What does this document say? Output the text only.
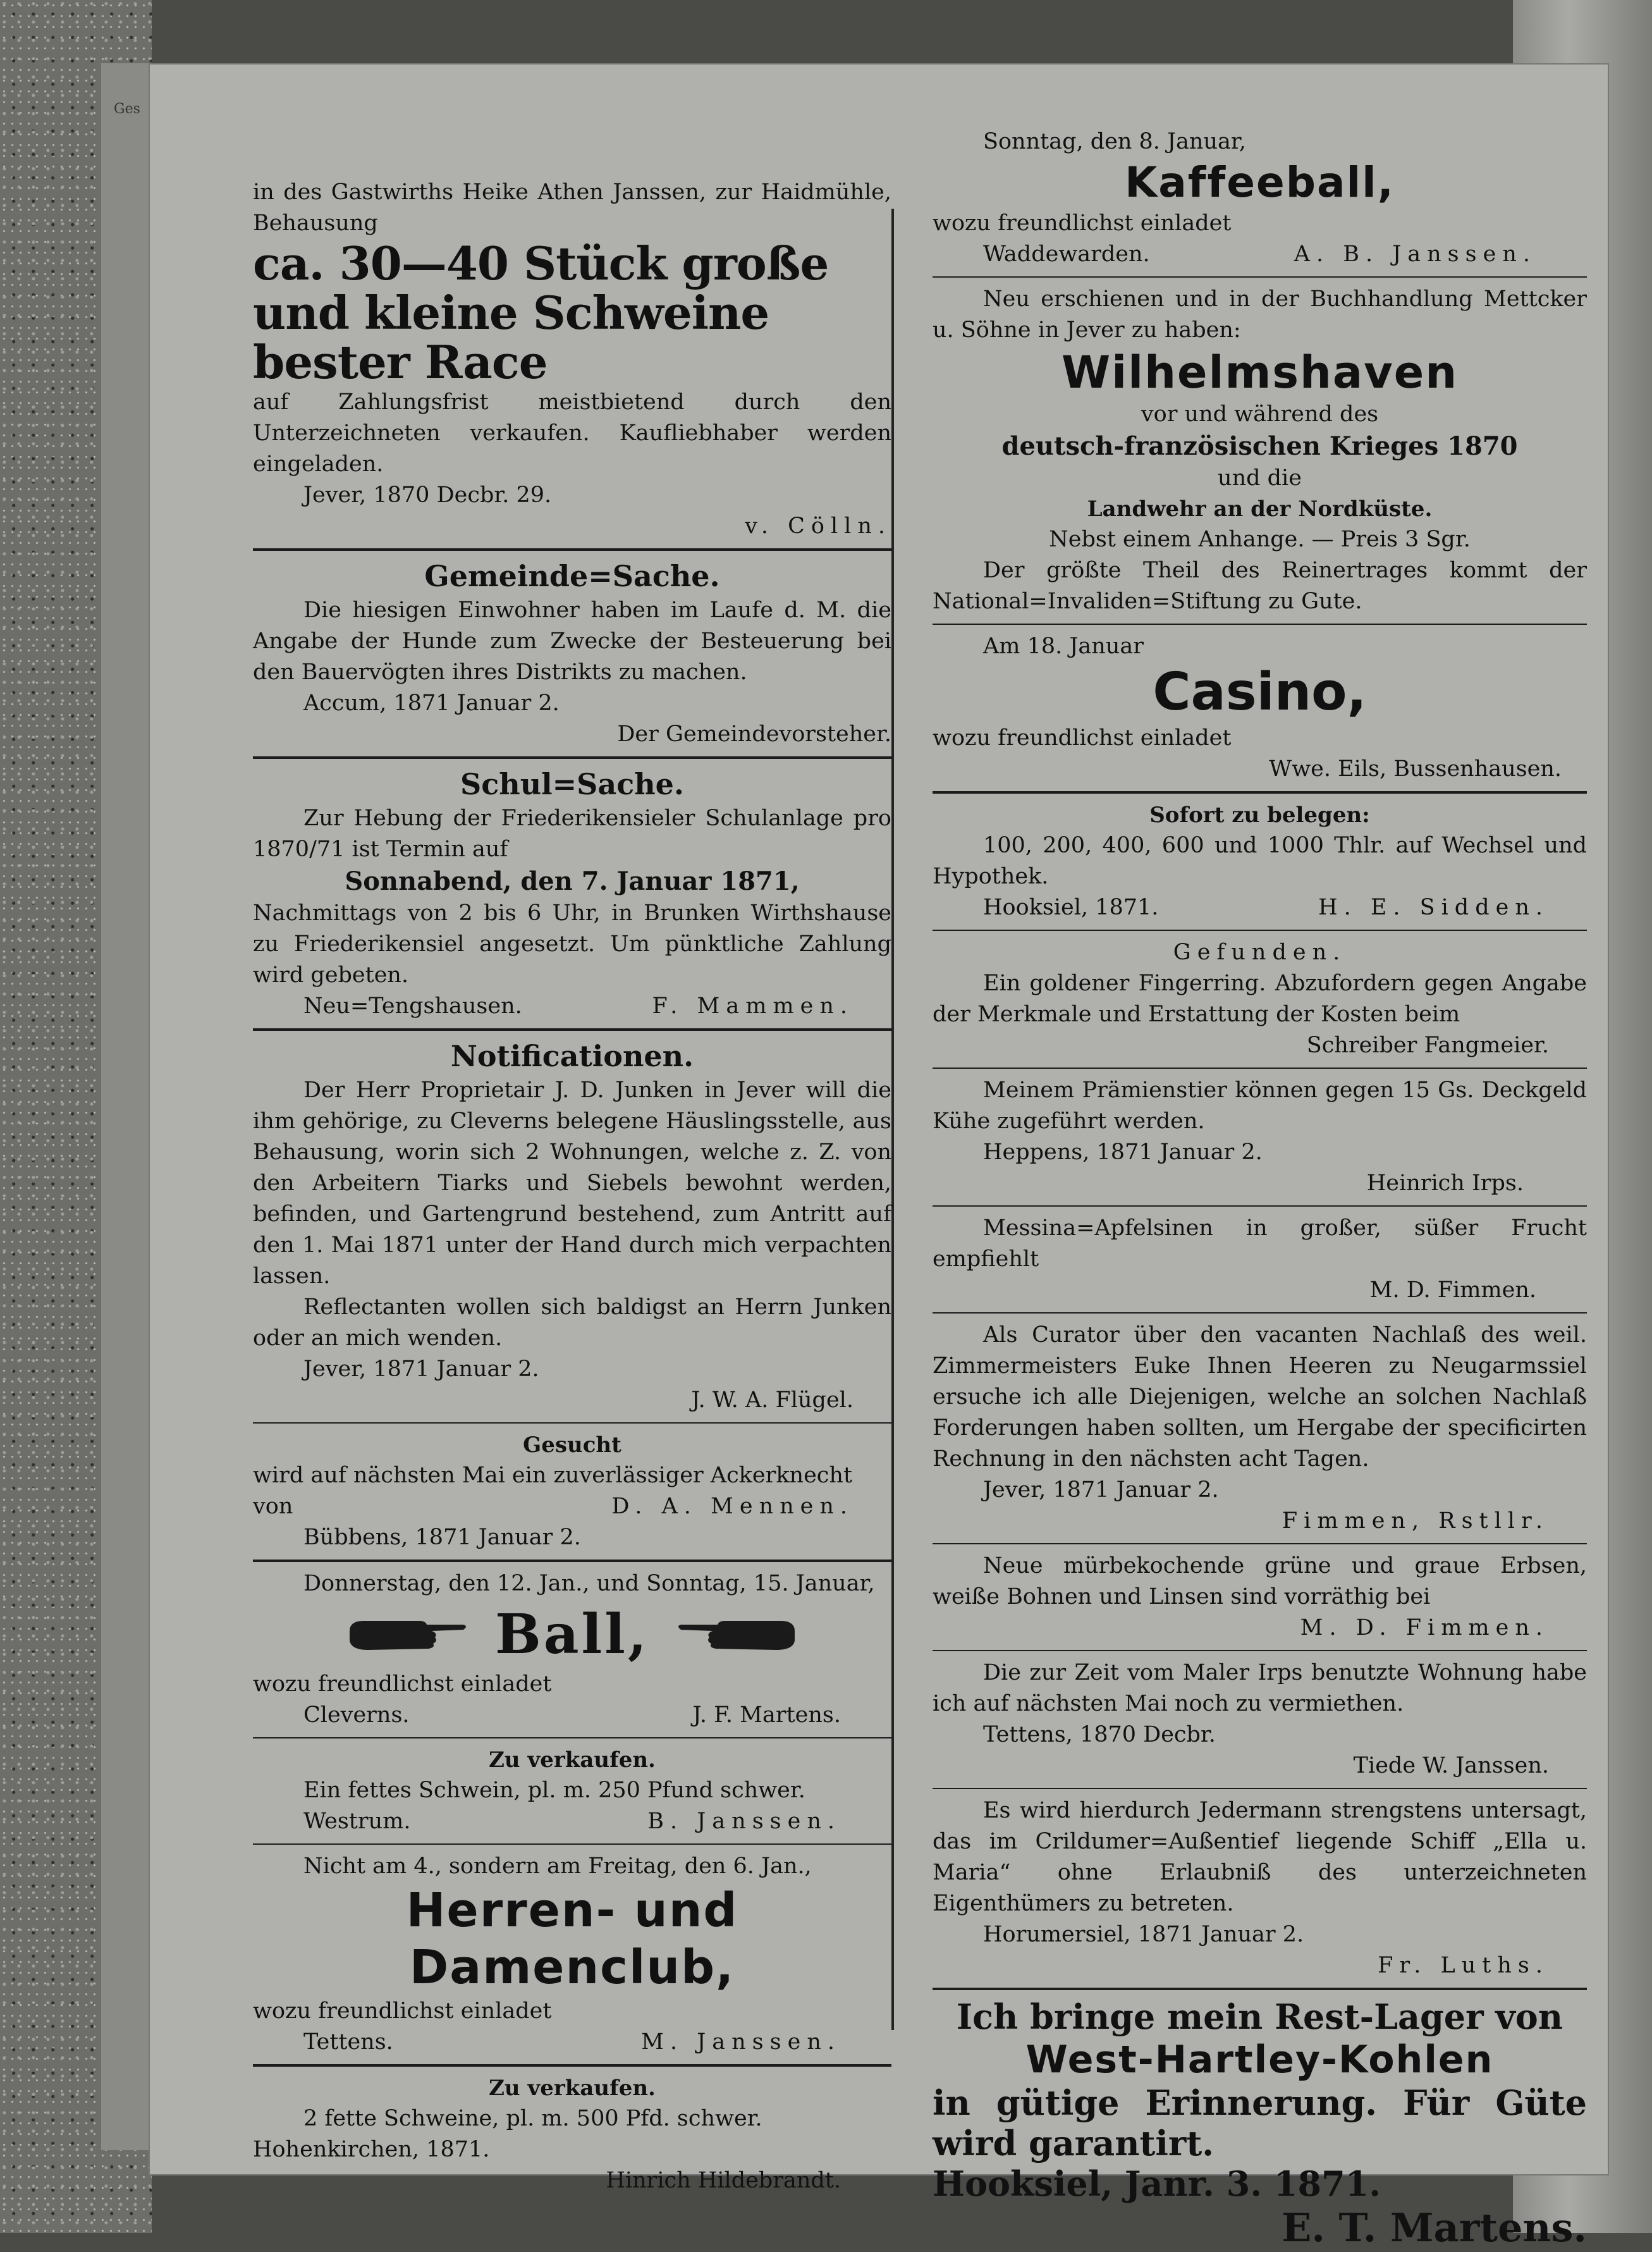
Ges

in des Gastwirths Heike Athen Janssen, zur Haidmühle, Behausung

ca. 30—40 Stück große und kleine Schweine bester Race

auf Zahlungsfrist meistbietend durch den Unterzeichneten verkaufen. Kaufliebhaber werden eingeladen.

Jever, 1870 Decbr. 29.

v. Cölln.

Gemeinde=Sache.

Die hiesigen Einwohner haben im Laufe d. M. die Angabe der Hunde zum Zwecke der Besteuerung bei den Bauervögten ihres Distrikts zu machen.

Accum, 1871 Januar 2.

Der Gemeindevorsteher.

Schul=Sache.

Zur Hebung der Friederikensieler Schulanlage pro 1870/71 ist Termin auf

Sonnabend, den 7. Januar 1871,

Nachmittags von 2 bis 6 Uhr, in Brunken Wirthshause zu Friederikensiel angesetzt. Um pünktliche Zahlung wird gebeten.

Neu=Tengshausen.	F. Mammen.

Notificationen.

Der Herr Proprietair J. D. Junken in Jever will die ihm gehörige, zu Cleverns belegene Häuslingsstelle, aus Behausung, worin sich 2 Wohnungen, welche z. Z. von den Arbeitern Tiarks und Siebels bewohnt werden, befinden, und Gartengrund bestehend, zum Antritt auf den 1. Mai 1871 unter der Hand durch mich verpachten lassen.

Reflectanten wollen sich baldigst an Herrn Junken oder an mich wenden.

Jever, 1871 Januar 2.

J. W. A. Flügel.

Gesucht

wird auf nächsten Mai ein zuverlässiger Ackerknecht

von	D. A. Mennen.

Bübbens, 1871 Januar 2.

Donnerstag, den 12. Jan., und Sonntag, 15. Januar,

Ball,

wozu freundlichst einladet

Cleverns.	J. F. Martens.

Zu verkaufen.

Ein fettes Schwein, pl. m. 250 Pfund schwer.

Westrum.	B. Janssen.

Nicht am 4., sondern am Freitag, den 6. Jan.,

Herren- und Damenclub,

wozu freundlichst einladet

Tettens.	M. Janssen.

Zu verkaufen.

2 fette Schweine, pl. m. 500 Pfd. schwer.

Hohenkirchen, 1871.

Hinrich Hildebrandt.

Sonntag, den 8. Januar,

Kaffeeball,

wozu freundlichst einladet

Waddewarden.	A. B. Janssen.

Neu erschienen und in der Buchhandlung Mettcker u. Söhne in Jever zu haben:

Wilhelmshaven

vor und während des

deutsch-französischen Krieges 1870

und die

Landwehr an der Nordküste.

Nebst einem Anhange. — Preis 3 Sgr.

Der größte Theil des Reinertrages kommt der National=Invaliden=Stiftung zu Gute.

Am 18. Januar

Casino,

wozu freundlichst einladet

Wwe. Eils, Bussenhausen.

Sofort zu belegen:

100, 200, 400, 600 und 1000 Thlr. auf Wechsel und Hypothek.

Hooksiel, 1871.	H. E. Sidden.

Gefunden.

Ein goldener Fingerring. Abzufordern gegen Angabe der Merkmale und Erstattung der Kosten beim

Schreiber Fangmeier.

Meinem Prämienstier können gegen 15 Gs. Deckgeld Kühe zugeführt werden.

Heppens, 1871 Januar 2.

Heinrich Irps.

Messina=Apfelsinen in großer, süßer Frucht empfiehlt

M. D. Fimmen.

Als Curator über den vacanten Nachlaß des weil. Zimmermeisters Euke Ihnen Heeren zu Neugarmssiel ersuche ich alle Diejenigen, welche an solchen Nachlaß Forderungen haben sollten, um Hergabe der specificirten Rechnung in den nächsten acht Tagen.

Jever, 1871 Januar 2.

Fimmen, Rstllr.

Neue mürbekochende grüne und graue Erbsen, weiße Bohnen und Linsen sind vorräthig bei

M. D. Fimmen.

Die zur Zeit vom Maler Irps benutzte Wohnung habe ich auf nächsten Mai noch zu vermiethen.

Tettens, 1870 Decbr.

Tiede W. Janssen.

Es wird hierdurch Jedermann strengstens untersagt, das im Crildumer=Außentief liegende Schiff „Ella u. Maria“ ohne Erlaubniß des unterzeichneten Eigenthümers zu betreten.

Horumersiel, 1871 Januar 2.

Fr. Luths.

Ich bringe mein Rest-Lager von

West-Hartley-Kohlen

in gütige Erinnerung. Für Güte wird garantirt.

Hooksiel, Janr. 3. 1871.

E. T. Martens.
